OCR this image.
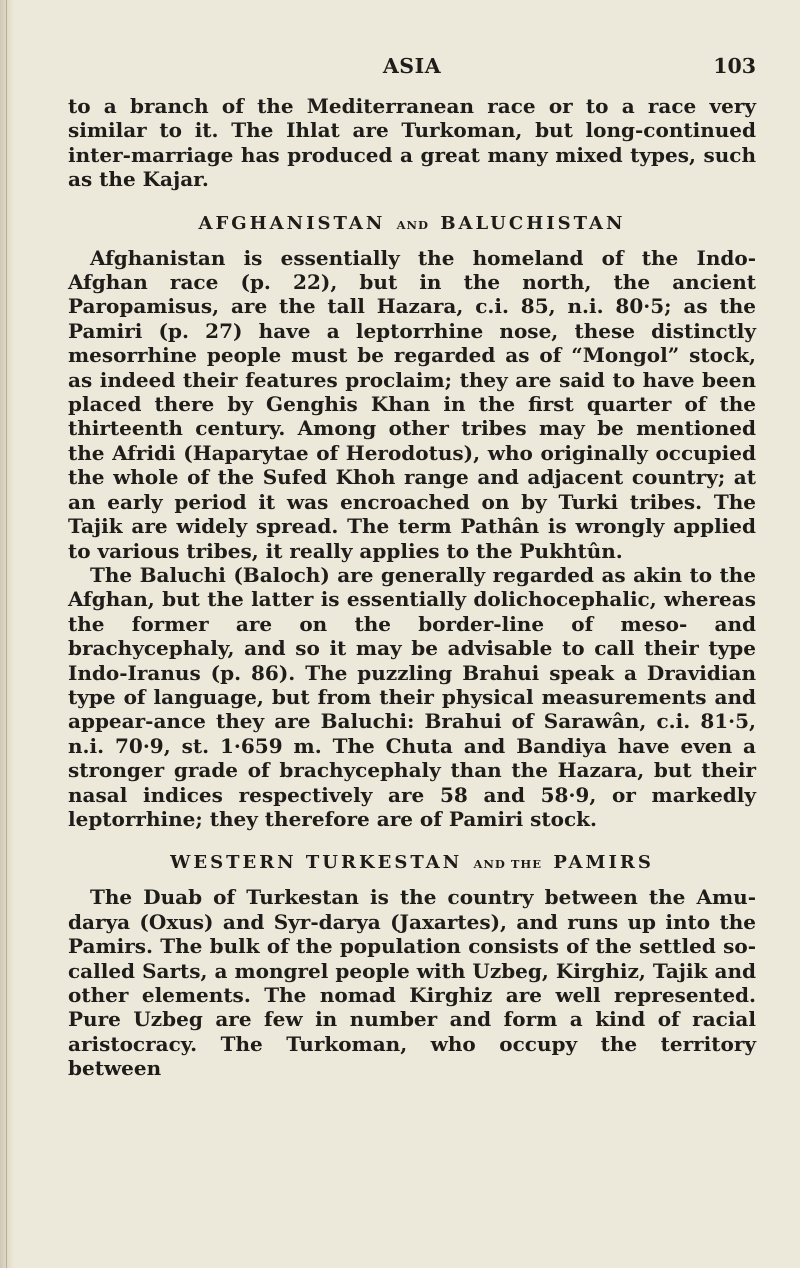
ASIA	103

to a branch of the Mediterranean race or to a race very similar to it. The Ihlat are Turkoman, but long-continued inter-marriage has produced a great many mixed types, such as the Kajar.

AFGHANISTAN AND BALUCHISTAN

Afghanistan is essentially the homeland of the Indo-Afghan race (p. 22), but in the north, the ancient Paropamisus, are the tall Hazara, c.i. 85, n.i. 80·5; as the Pamiri (p. 27) have a leptorrhine nose, these distinctly mesorrhine people must be regarded as of “Mongol” stock, as indeed their features proclaim; they are said to have been placed there by Genghis Khan in the first quarter of the thirteenth century. Among other tribes may be mentioned the Afridi (Haparytae of Herodotus), who originally occupied the whole of the Sufed Khoh range and adjacent country; at an early period it was encroached on by Turki tribes. The Tajik are widely spread. The term Pathân is wrongly applied to various tribes, it really applies to the Pukhtûn.

The Baluchi (Baloch) are generally regarded as akin to the Afghan, but the latter is essentially dolichocephalic, whereas the former are on the border-line of meso- and brachycephaly, and so it may be advisable to call their type Indo-Iranus (p. 86). The puzzling Brahui speak a Dravidian type of language, but from their physical measurements and appear-ance they are Baluchi: Brahui of Sarawân, c.i. 81·5, n.i. 70·9, st. 1·659 m. The Chuta and Bandiya have even a stronger grade of brachycephaly than the Hazara, but their nasal indices respectively are 58 and 58·9, or markedly leptorrhine; they therefore are of Pamiri stock.

WESTERN TURKESTAN AND THE PAMIRS

The Duab of Turkestan is the country between the Amu-darya (Oxus) and Syr-darya (Jaxartes), and runs up into the Pamirs. The bulk of the population consists of the settled so-called Sarts, a mongrel people with Uzbeg, Kirghiz, Tajik and other elements. The nomad Kirghiz are well represented. Pure Uzbeg are few in number and form a kind of racial aristocracy. The Turkoman, who occupy the territory between
